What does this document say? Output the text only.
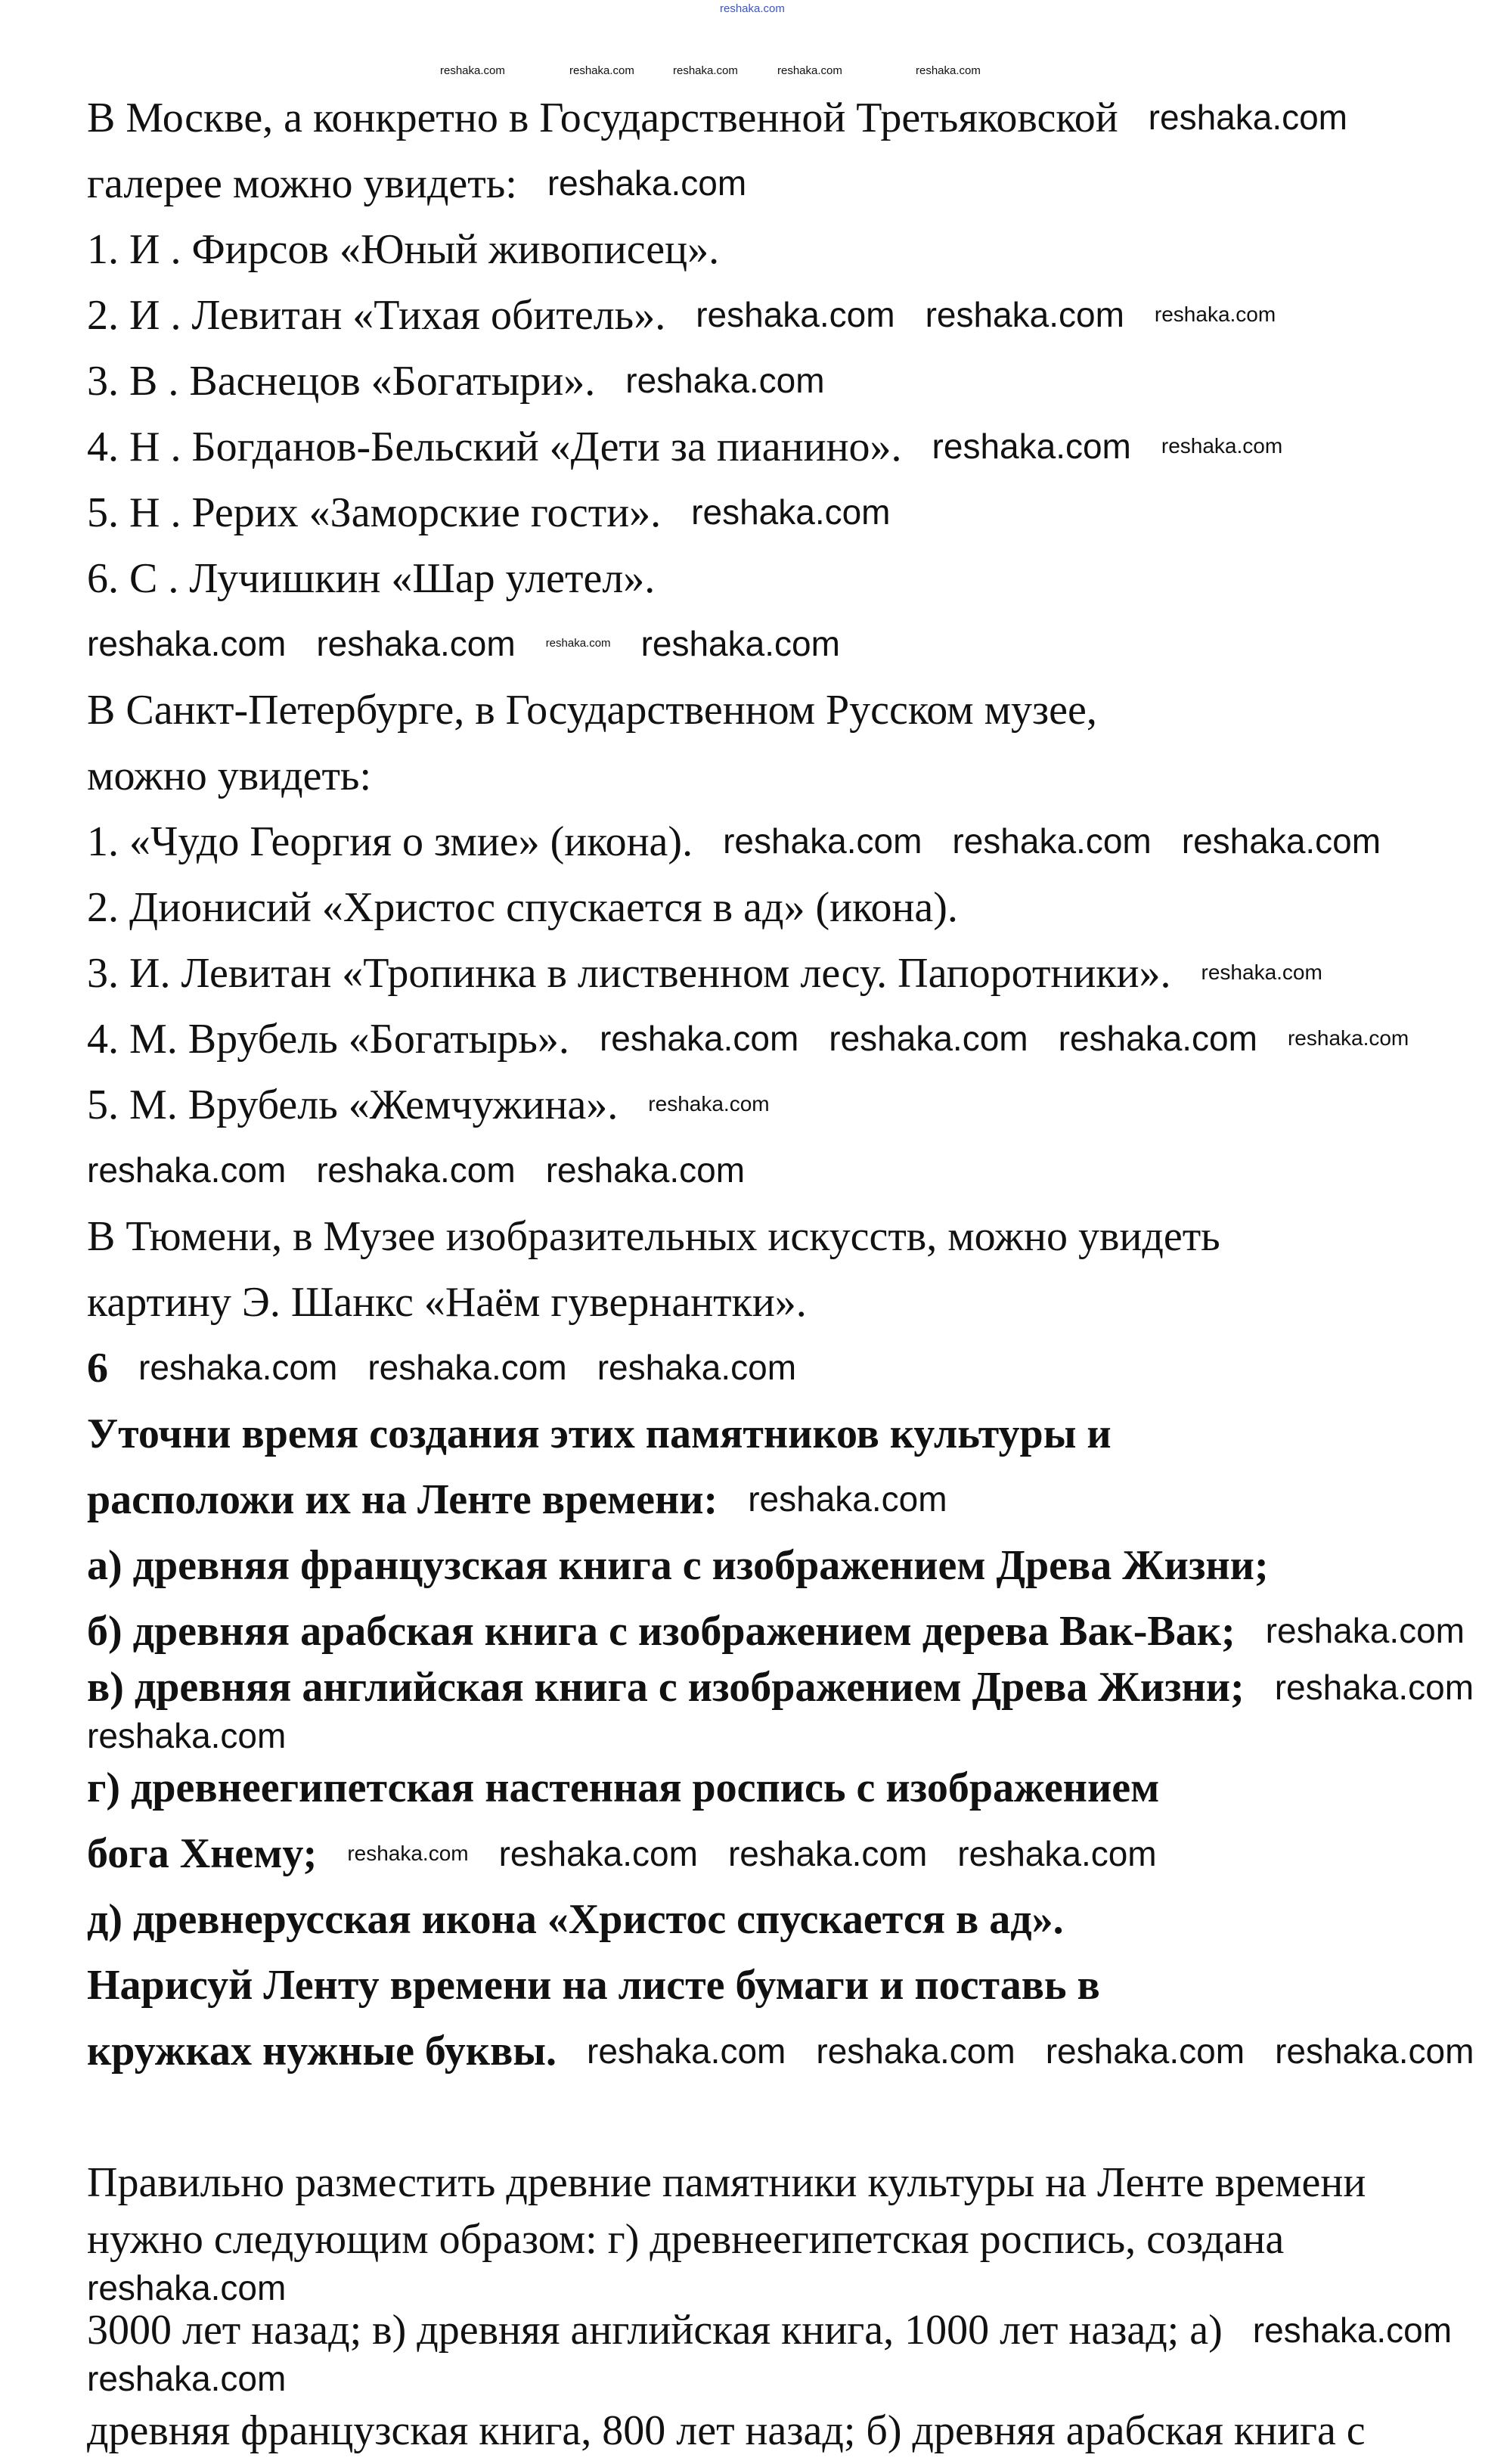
reshaka.com
reshaka.com	reshaka.com	reshaka.com	reshaka.com	reshaka.com
В Москве, а конкретно в Государственной Третьяковской reshaka.com
галерее можно увидеть: reshaka.com
1. И . Фирсов «Юный живописец».
2. И . Левитан «Тихая обитель». reshaka.com reshaka.com reshaka.com
3. В . Васнецов «Богатыри». reshaka.com
4. Н . Богданов-Бельский «Дети за пианино». reshaka.com reshaka.com
5. Н . Рерих «Заморские гости». reshaka.com
6. С . Лучишкин «Шар улетел».
reshaka.com reshaka.com	reshaka.com reshaka.com
В Санкт-Петербурге, в Государственном Русском музее,
можно увидеть:
1. «Чудо Георгия о змие» (икона). reshaka.com reshaka.com reshaka.com
2. Дионисий «Христос спускается в ад» (икона).
3. И. Левитан «Тропинка в лиственном лесу. Папоротники». reshaka.com
4. М. Врубель «Богатырь». reshaka.com reshaka.com reshaka.com reshaka.com
5. М. Врубель «Жемчужина». reshaka.com
reshaka.com reshaka.com reshaka.com
В Тюмени, в Музее изобразительных искусств, можно увидеть
картину Э. Шанкс «Наём гувернантки».
6 reshaka.com reshaka.com reshaka.com
Уточни время создания этих памятников культуры и
расположи их на Ленте времени: reshaka.com
а) древняя французская книга с изображением Древа Жизни;
б) древняя арабская книга с изображением дерева Вак-Вак; reshaka.com
в) древняя английская книга с изображением Древа Жизни; reshaka.com
reshaka.com
г) древнеегипетская настенная роспись с изображением
бога Хнему; reshaka.com reshaka.com reshaka.com reshaka.com
д) древнерусская икона «Христос спускается в ад».
Нарисуй Ленту времени на листе бумаги и поставь в
кружках нужные буквы. reshaka.com reshaka.com reshaka.com reshaka.com
Правильно разместить древние памятники культуры на Ленте времени
нужно следующим образом: г) древнеегипетская роспись, создана
reshaka.com
3000 лет назад; в) древняя английская книга, 1000 лет назад; а) reshaka.com
reshaka.com
древняя французская книга, 800 лет назад; б) древняя арабская книга с
